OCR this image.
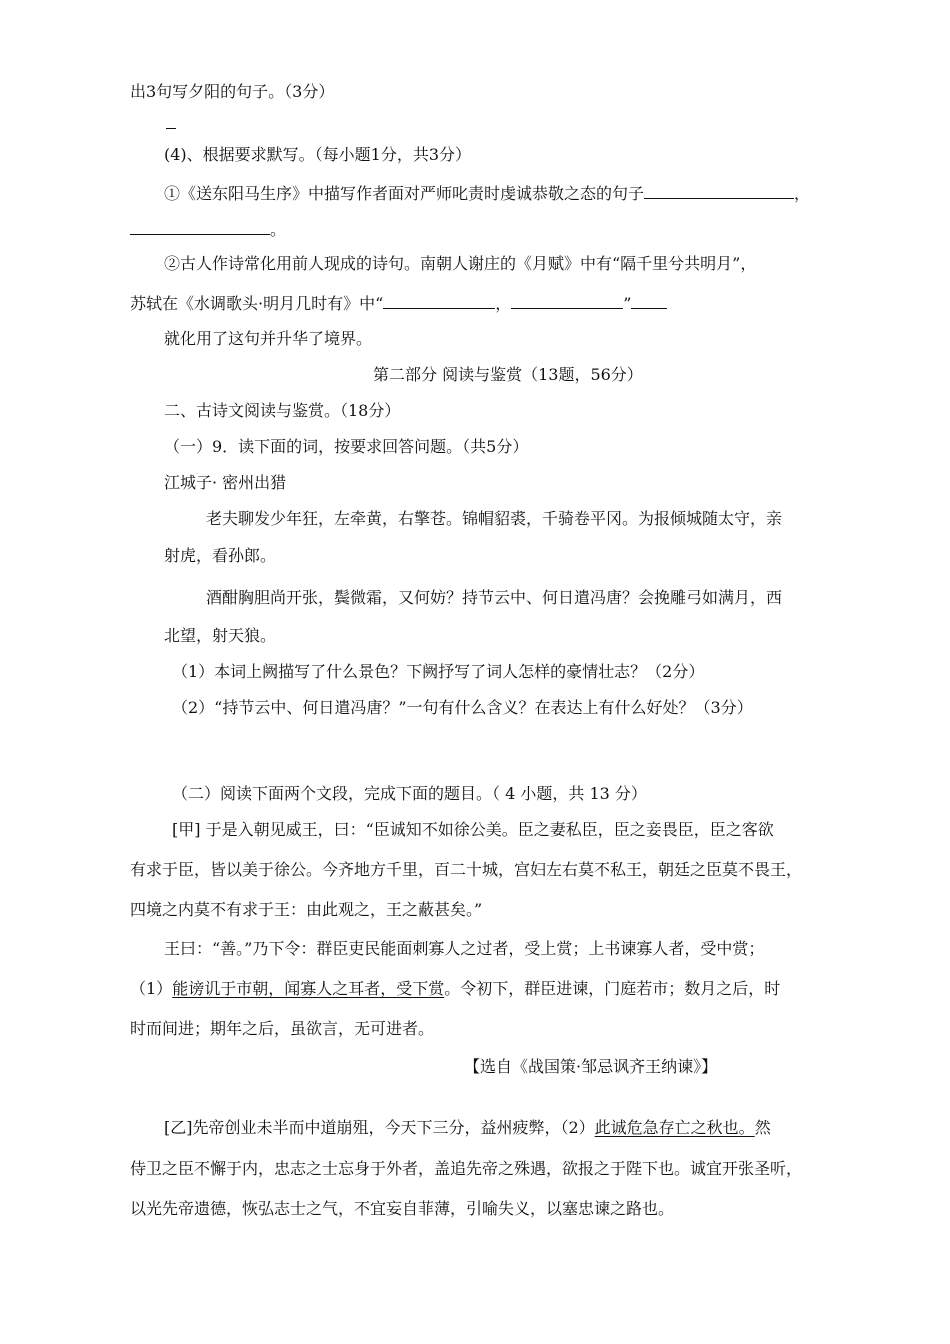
出3句写夕阳的句子。（3分）
(4)、根据要求默写。（每小题1分，共3分）
①《送东阳马生序》中描写作者面对严师叱责时虔诚恭敬之态的句子	，
。
②古人作诗常化用前人现成的诗句。南朝人谢庄的《月赋》中有“隔千里兮共明月”，
苏轼在《水调歌头·明月几时有》中“	，	”
就化用了这句并升华了境界。
第二部分 阅读与鉴赏（13题，56分）
二、古诗文阅读与鉴赏。（18分）
（一）9．读下面的词，按要求回答问题。（共5分）
江城子· 密州出猎
老夫聊发少年狂，左牵黄，右擎苍。锦帽貂裘，千骑卷平冈。为报倾城随太守，亲
射虎，看孙郎。
酒酣胸胆尚开张，鬓微霜，又何妨？持节云中、何日遣冯唐？会挽雕弓如满月，西
北望，射天狼。
（1）本词上阙描写了什么景色？下阙抒写了词人怎样的豪情壮志？（2分）
（2）“持节云中、何日遣冯唐？”一句有什么含义？在表达上有什么好处？（3分）
（二）阅读下面两个文段，完成下面的题目。（ 4 小题，共 13 分）
[甲] 于是入朝见威王，曰：“臣诚知不如徐公美。臣之妻私臣，臣之妾畏臣，臣之客欲
有求于臣，皆以美于徐公。今齐地方千里，百二十城，宫妇左右莫不私王，朝廷之臣莫不畏王，
四境之内莫不有求于王：由此观之，王之蔽甚矣。”
王曰：“善。”乃下令：群臣吏民能面刺寡人之过者，受上赏；上书谏寡人者，受中赏；
（1）能谤讥于市朝，闻寡人之耳者，受下赏。令初下，群臣进谏，门庭若市；数月之后，时
时而间进；期年之后，虽欲言，无可进者。
【选自《战国策·邹忌讽齐王纳谏》】
[乙]先帝创业未半而中道崩殂，今天下三分，益州疲弊，（2）此诚危急存亡之秋也。然
侍卫之臣不懈于内，忠志之士忘身于外者，盖追先帝之殊遇，欲报之于陛下也。诚宜开张圣听，
以光先帝遗德，恢弘志士之气，不宜妄自菲薄，引喻失义，以塞忠谏之路也。
